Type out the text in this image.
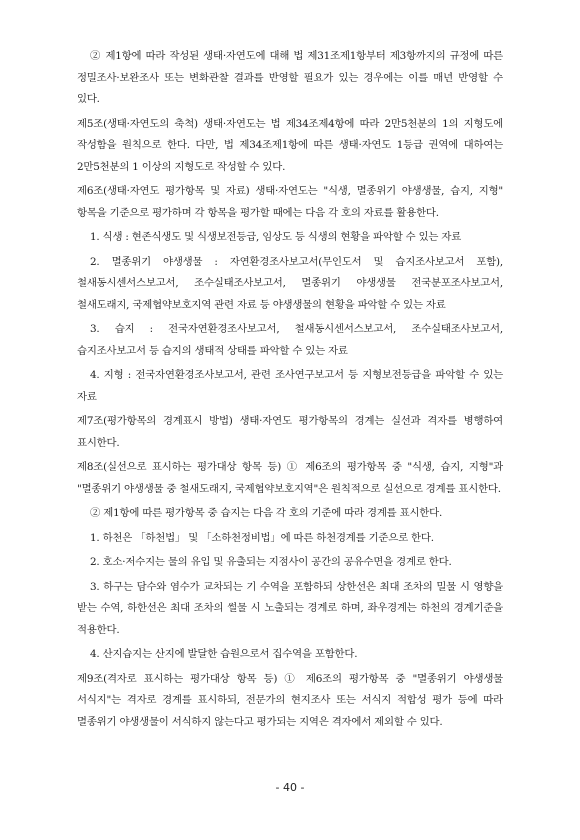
② 제1항에 따라 작성된 생태·자연도에 대해 법 제31조제1항부터 제3항까지의 규정에 따른 정밀조사·보완조사 또는 변화관찰 결과를 반영할 필요가 있는 경우에는 이를 매년 반영할 수 있다.

제5조(생태·자연도의 축척) 생태·자연도는 법 제34조제4항에 따라 2만5천분의 1의 지형도에 작성함을 원칙으로 한다. 다만, 법 제34조제1항에 따른 생태·자연도 1등급 권역에 대하여는 2만5천분의 1 이상의 지형도로 작성할 수 있다.

제6조(생태·자연도 평가항목 및 자료) 생태·자연도는 "식생, 멸종위기 야생생물, 습지, 지형" 항목을 기준으로 평가하며 각 항목을 평가할 때에는 다음 각 호의 자료를 활용한다.

1. 식생 : 현존식생도 및 식생보전등급, 임상도 등 식생의 현황을 파악할 수 있는 자료

2. 멸종위기 야생생물 : 자연환경조사보고서(무인도서 및 습지조사보고서 포함), 철새동시센서스보고서, 조수실태조사보고서, 멸종위기 야생생물 전국분포조사보고서, 철새도래지, 국제협약보호지역 관련 자료 등 야생생물의 현황을 파악할 수 있는 자료

3. 습지 : 전국자연환경조사보고서, 철새동시센서스보고서, 조수실태조사보고서, 습지조사보고서 등 습지의 생태적 상태를 파악할 수 있는 자료

4. 지형 : 전국자연환경조사보고서, 관련 조사연구보고서 등 지형보전등급을 파악할 수 있는 자료

제7조(평가항목의 경계표시 방법) 생태·자연도 평가항목의 경계는 실선과 격자를 병행하여 표시한다.

제8조(실선으로 표시하는 평가대상 항목 등) ① 제6조의 평가항목 중 "식생, 습지, 지형"과 "멸종위기 야생생물 중 철새도래지, 국제협약보호지역"은 원칙적으로 실선으로 경계를 표시한다.

② 제1항에 따른 평가항목 중 습지는 다음 각 호의 기준에 따라 경계를 표시한다.

1. 하천은 「하천법」 및 「소하천정비법」에 따른 하천경계를 기준으로 한다.

2. 호소·저수지는 물의 유입 및 유출되는 지점사이 공간의 공유수면을 경계로 한다.

3. 하구는 담수와 염수가 교차되는 기 수역을 포함하되 상한선은 최대 조차의 밀물 시 영향을 받는 수역, 하한선은 최대 조차의 썰물 시 노출되는 경계로 하며, 좌우경계는 하천의 경계기준을 적용한다.

4. 산지습지는 산지에 발달한 습원으로서 집수역을 포함한다.

제9조(격자로 표시하는 평가대상 항목 등) ① 제6조의 평가항목 중 "멸종위기 야생생물 서식지"는 격자로 경계를 표시하되, 전문가의 현지조사 또는 서식지 적합성 평가 등에 따라 멸종위기 야생생물이 서식하지 않는다고 평가되는 지역은 격자에서 제외할 수 있다.

- 40 -
